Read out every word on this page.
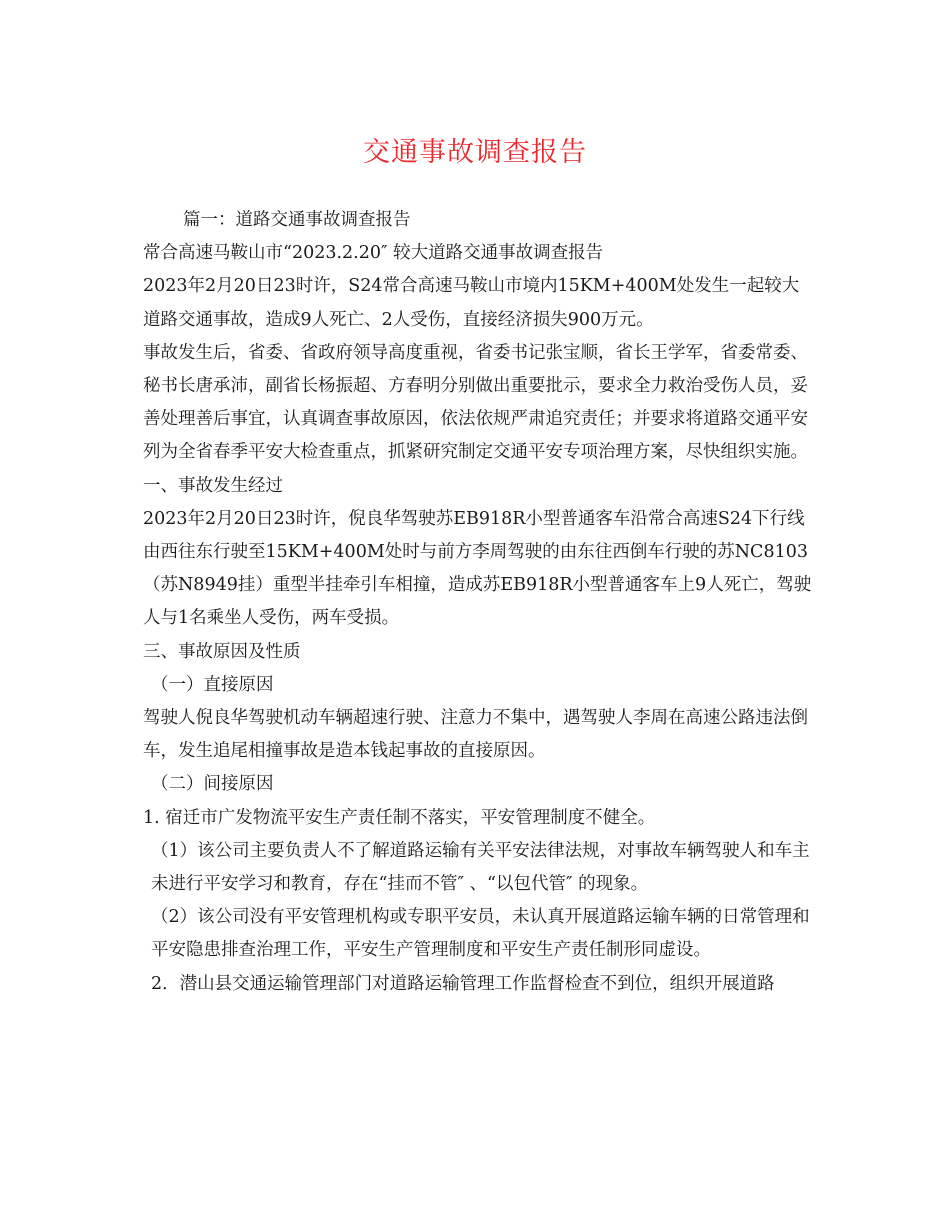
交通事故调查报告

篇一：道路交通事故调查报告

常合高速马鞍山市“2023.2.20″ 较大道路交通事故调查报告

2023年2月20日23时许，S24常合高速马鞍山市境内15KM+400M处发生一起较大道路交通事故，造成9人死亡、2人受伤，直接经济损失900万元。

事故发生后，省委、省政府领导高度重视，省委书记张宝顺，省长王学军，省委常委、秘书长唐承沛，副省长杨振超、方春明分别做出重要批示，要求全力救治受伤人员，妥善处理善后事宜，认真调查事故原因，依法依规严肃追究责任；并要求将道路交通平安列为全省春季平安大检查重点，抓紧研究制定交通平安专项治理方案，尽快组织实施。

一、事故发生经过

2023年2月20日23时许，倪良华驾驶苏EB918R小型普通客车沿常合高速S24下行线由西往东行驶至15KM+400M处时与前方李周驾驶的由东往西倒车行驶的苏NC8103（苏N8949挂）重型半挂牵引车相撞，造成苏EB918R小型普通客车上9人死亡，驾驶人与1名乘坐人受伤，两车受损。

三、事故原因及性质

（一）直接原因

驾驶人倪良华驾驶机动车辆超速行驶、注意力不集中，遇驾驶人李周在高速公路违法倒车，发生追尾相撞事故是造本钱起事故的直接原因。

（二）间接原因

1. 宿迁市广发物流平安生产责任制不落实，平安管理制度不健全。

（1）该公司主要负责人不了解道路运输有关平安法律法规，对事故车辆驾驶人和车主未进行平安学习和教育，存在“挂而不管″ 、“以包代管″ 的现象。

（2）该公司没有平安管理机构或专职平安员，未认真开展道路运输车辆的日常管理和平安隐患排查治理工作，平安生产管理制度和平安生产责任制形同虚设。

2．潜山县交通运输管理部门对道路运输管理工作监督检查不到位，组织开展道路
